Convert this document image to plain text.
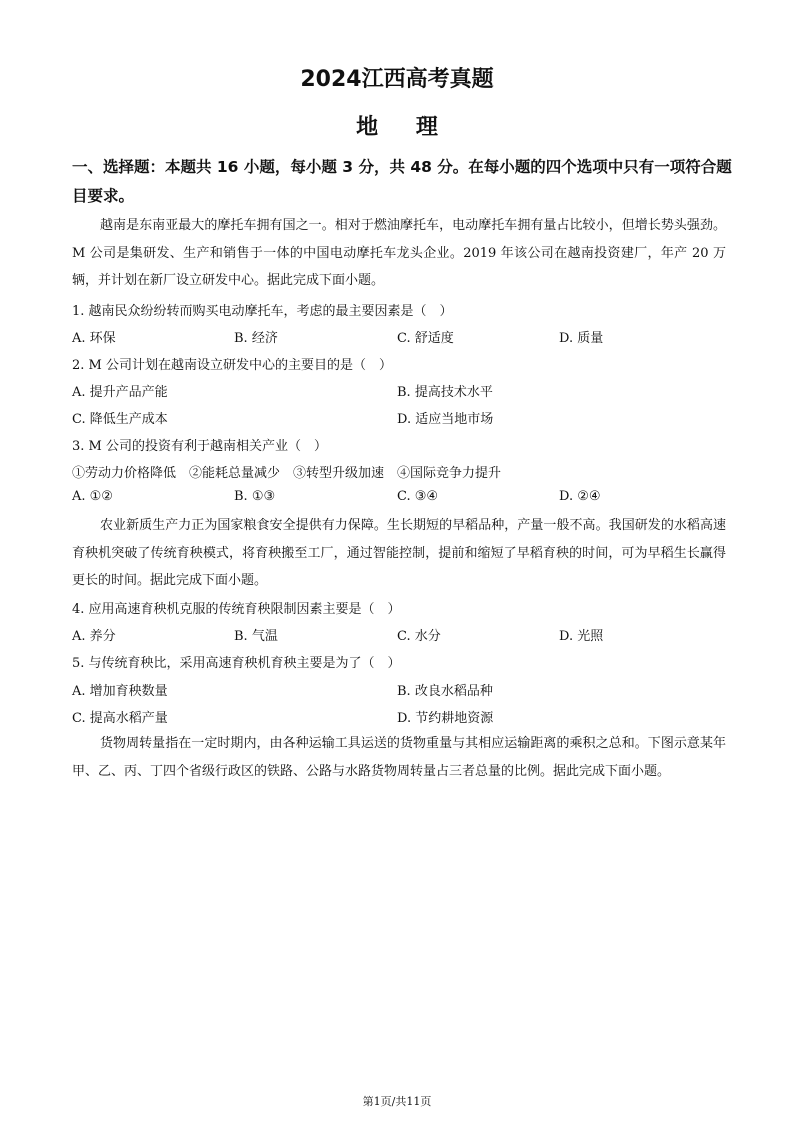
2024江西高考真题
地 理
一、选择题：本题共 16 小题，每小题 3 分，共 48 分。在每小题的四个选项中只有一项符合题目要求。
越南是东南亚最大的摩托车拥有国之一。相对于燃油摩托车，电动摩托车拥有量占比较小，但增长势头强劲。M 公司是集研发、生产和销售于一体的中国电动摩托车龙头企业。2019 年该公司在越南投资建厂，年产 20 万辆，并计划在新厂设立研发中心。据此完成下面小题。
1. 越南民众纷纷转而购买电动摩托车，考虑的最主要因素是（　）
A. 环保	B. 经济	C. 舒适度	D. 质量
2. M 公司计划在越南设立研发中心的主要目的是（　）
A. 提升产品产能	B. 提高技术水平
C. 降低生产成本	D. 适应当地市场
3. M 公司的投资有利于越南相关产业（　）
①劳动力价格降低　②能耗总量减少　③转型升级加速　④国际竞争力提升
A. ①②	B. ①③	C. ③④	D. ②④
农业新质生产力正为国家粮食安全提供有力保障。生长期短的早稻品种，产量一般不高。我国研发的水稻高速育秧机突破了传统育秧模式，将育秧搬至工厂，通过智能控制，提前和缩短了早稻育秧的时间，可为早稻生长赢得更长的时间。据此完成下面小题。
4. 应用高速育秧机克服的传统育秧限制因素主要是（　）
A. 养分	B. 气温	C. 水分	D. 光照
5. 与传统育秧比，采用高速育秧机育秧主要是为了（　）
A. 增加育秧数量	B. 改良水稻品种
C. 提高水稻产量	D. 节约耕地资源
货物周转量指在一定时期内，由各种运输工具运送的货物重量与其相应运输距离的乘积之总和。下图示意某年甲、乙、丙、丁四个省级行政区的铁路、公路与水路货物周转量占三者总量的比例。据此完成下面小题。
第1页/共11页
